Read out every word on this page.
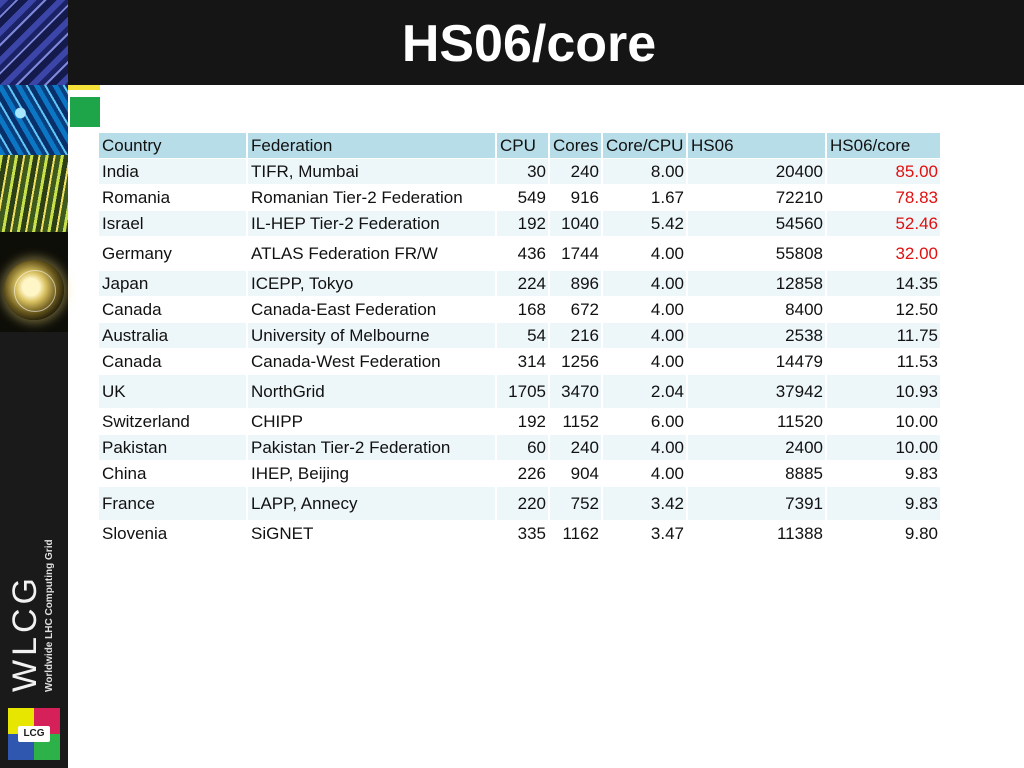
WLCG Worldwide LHC Computing Grid
LCG
HS06/core
Country	Federation	CPU	Cores	Core/CPU	HS06	HS06/core
India	TIFR, Mumbai	30	240	8.00	20400	85.00
Romania	Romanian Tier-2 Federation	549	916	1.67	72210	78.83
Israel	IL-HEP Tier-2 Federation	192	1040	5.42	54560	52.46
Germany	ATLAS Federation FR/W	436	1744	4.00	55808	32.00
Japan	ICEPP, Tokyo	224	896	4.00	12858	14.35
Canada	Canada-East Federation	168	672	4.00	8400	12.50
Australia	University of Melbourne	54	216	4.00	2538	11.75
Canada	Canada-West Federation	314	1256	4.00	14479	11.53
UK	NorthGrid	1705	3470	2.04	37942	10.93
Switzerland	CHIPP	192	1152	6.00	11520	10.00
Pakistan	Pakistan Tier-2 Federation	60	240	4.00	2400	10.00
China	IHEP, Beijing	226	904	4.00	8885	9.83
France	LAPP, Annecy	220	752	3.42	7391	9.83
Slovenia	SiGNET	335	1162	3.47	11388	9.80
